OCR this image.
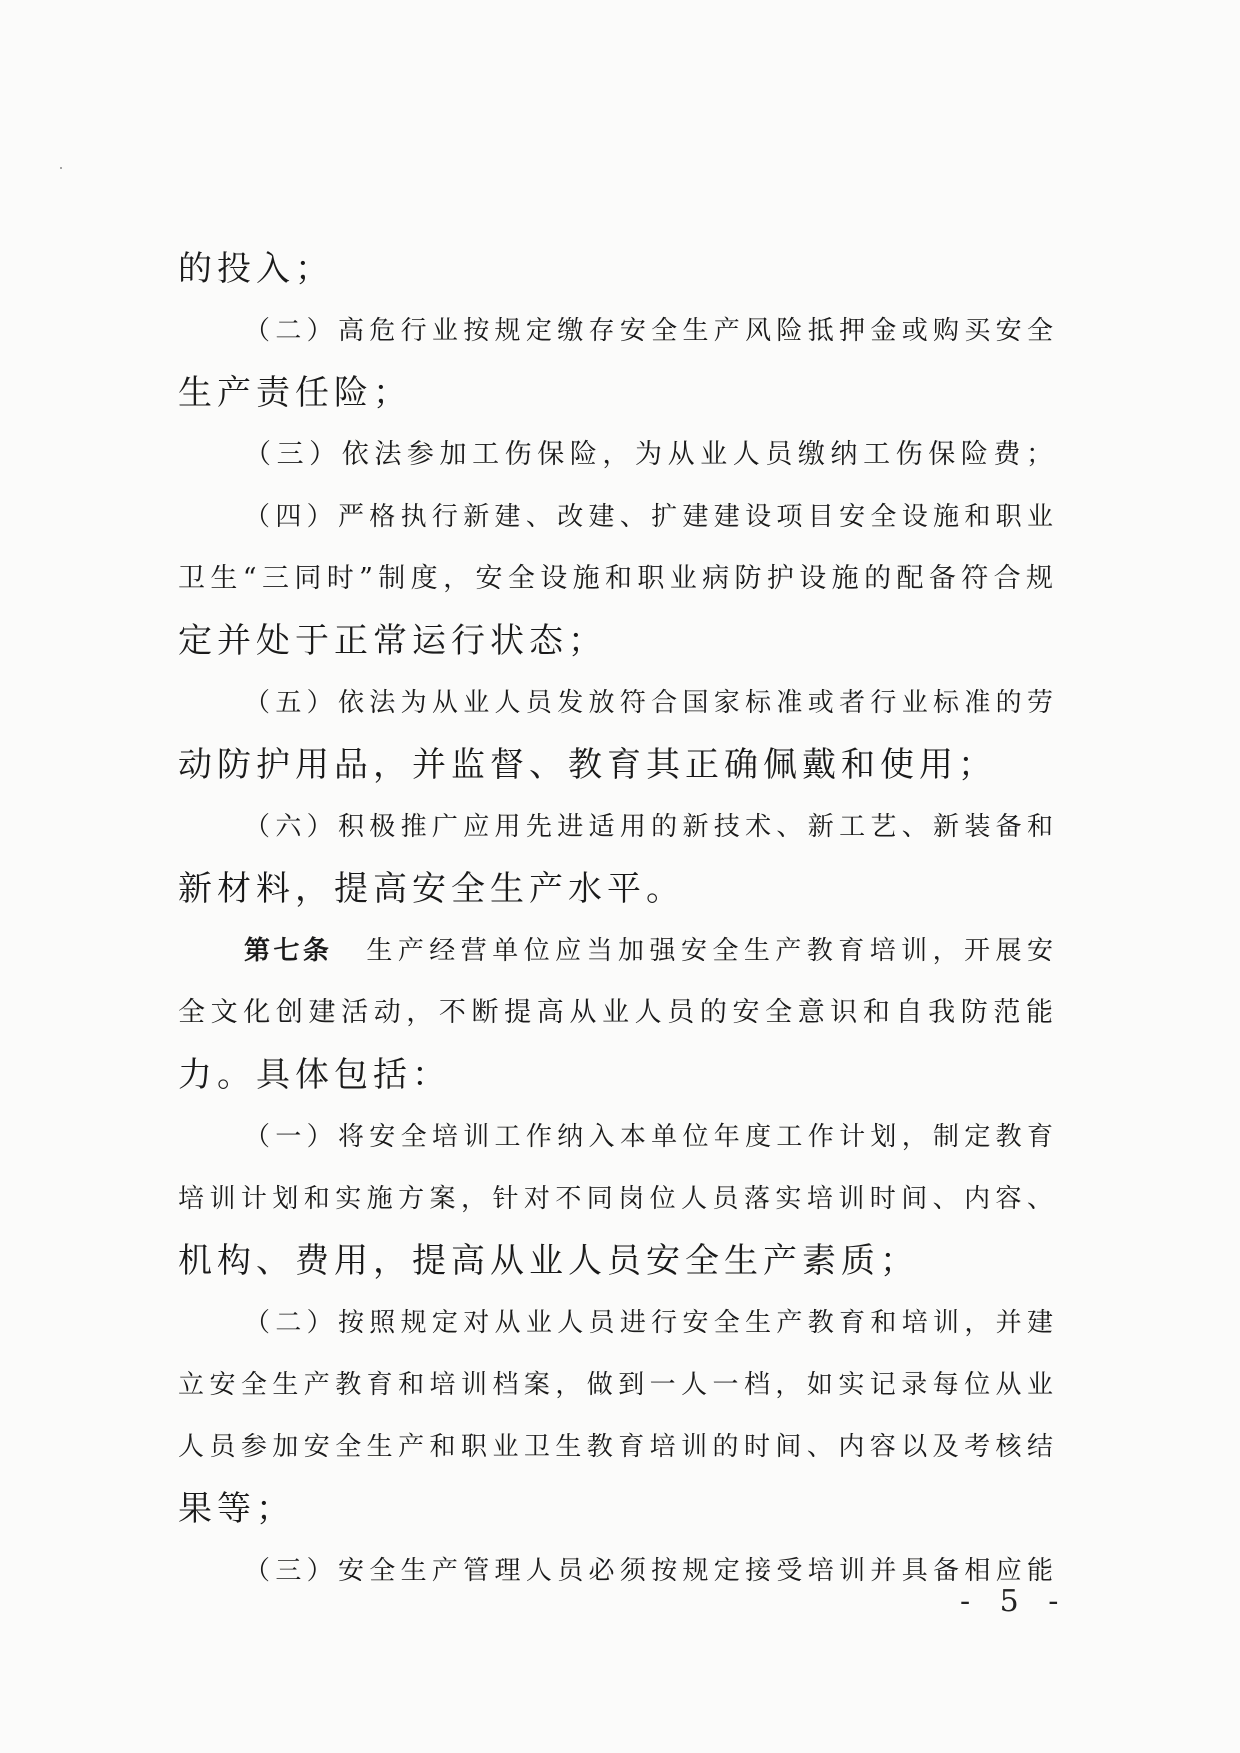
的投入；

（二）高危行业按规定缴存安全生产风险抵押金或购买安全

生产责任险；

（三）依法参加工伤保险，为从业人员缴纳工伤保险费；

（四）严格执行新建、改建、扩建建设项目安全设施和职业

卫生“三同时”制度，安全设施和职业病防护设施的配备符合规

定并处于正常运行状态；

（五）依法为从业人员发放符合国家标准或者行业标准的劳

动防护用品，并监督、教育其正确佩戴和使用；

（六）积极推广应用先进适用的新技术、新工艺、新装备和

新材料，提高安全生产水平。

第七条 生产经营单位应当加强安全生产教育培训，开展安

全文化创建活动，不断提高从业人员的安全意识和自我防范能

力。具体包括：

（一）将安全培训工作纳入本单位年度工作计划，制定教育

培训计划和实施方案，针对不同岗位人员落实培训时间、内容、

机构、费用，提高从业人员安全生产素质；

（二）按照规定对从业人员进行安全生产教育和培训，并建

立安全生产教育和培训档案，做到一人一档，如实记录每位从业

人员参加安全生产和职业卫生教育培训的时间、内容以及考核结

果等；

（三）安全生产管理人员必须按规定接受培训并具备相应能

- 5 -
